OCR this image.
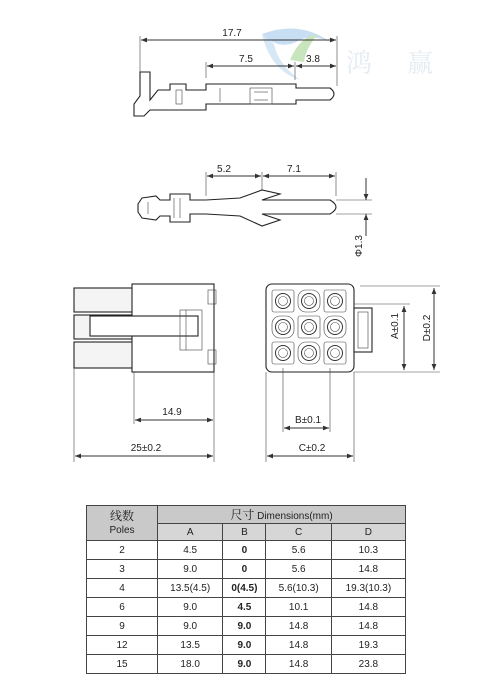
鸿 赢
17.7
7.5	3.8
5.2	7.1
Φ1.3
14.9
25±0.2
A±0.1 D±0.2
B±0.1
C±0.2
线数
Poles	尺寸 Dimensions(mm)			
	A	B	C	D
2	4.5	0	5.6	10.3
3	9.0	0	5.6	14.8
4	13.5(4.5)	0(4.5)	5.6(10.3)	19.3(10.3)
6	9.0	4.5	10.1	14.8
9	9.0	9.0	14.8	14.8
12	13.5	9.0	14.8	19.3
15	18.0	9.0	14.8	23.8
